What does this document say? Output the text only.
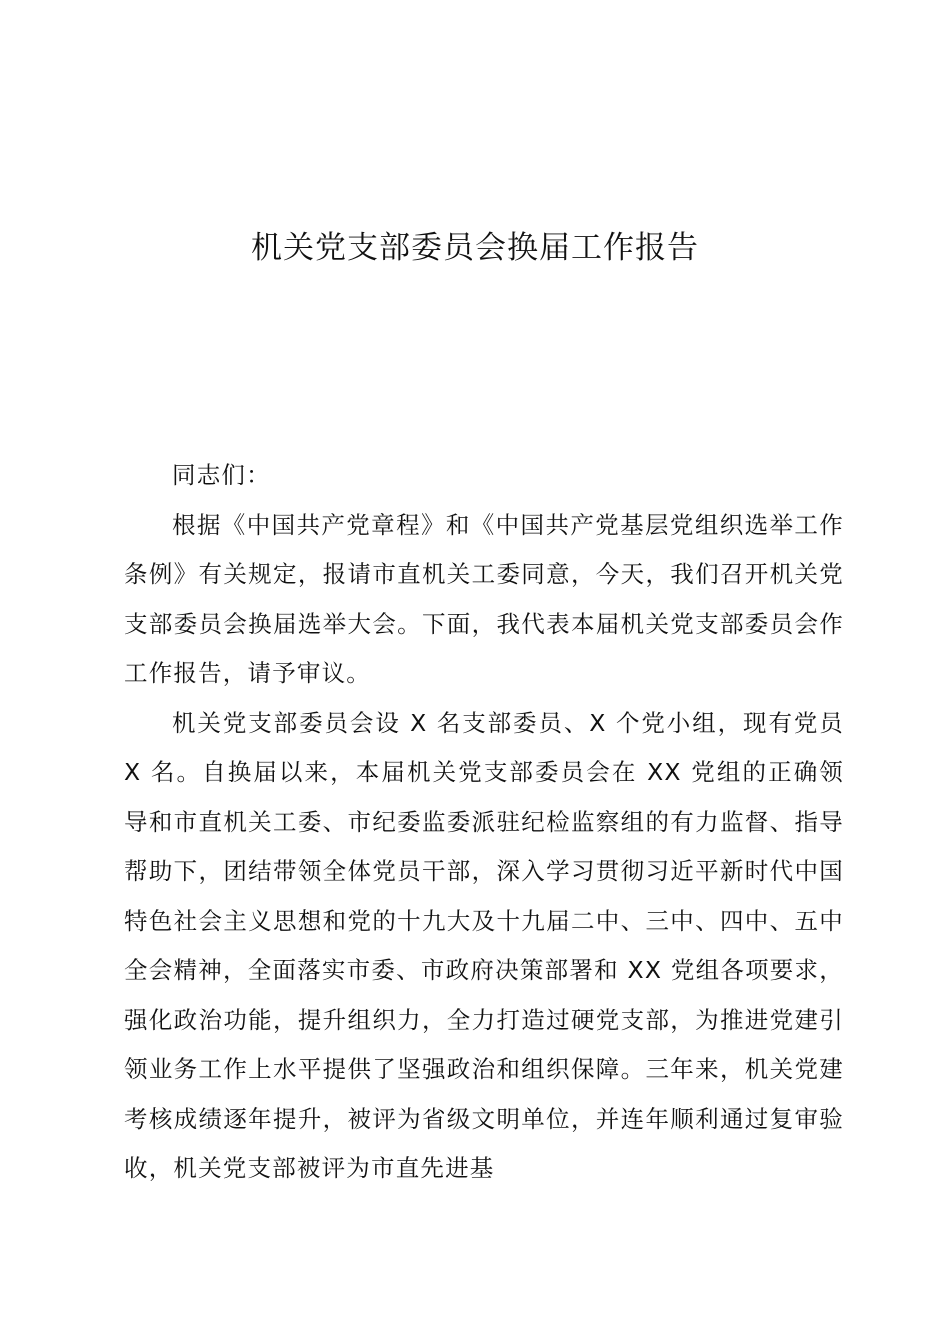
机关党支部委员会换届工作报告

同志们：

根据《中国共产党章程》和《中国共产党基层党组织选举工作条例》有关规定，报请市直机关工委同意，今天，我们召开机关党支部委员会换届选举大会。下面，我代表本届机关党支部委员会作工作报告，请予审议。

机关党支部委员会设 X 名支部委员、X 个党小组，现有党员 X 名。自换届以来，本届机关党支部委员会在 XX 党组的正确领导和市直机关工委、市纪委监委派驻纪检监察组的有力监督、指导帮助下，团结带领全体党员干部，深入学习贯彻习近平新时代中国特色社会主义思想和党的十九大及十九届二中、三中、四中、五中全会精神，全面落实市委、市政府决策部署和 XX 党组各项要求，强化政治功能，提升组织力，全力打造过硬党支部，为推进党建引领业务工作上水平提供了坚强政治和组织保障。三年来，机关党建考核成绩逐年提升，被评为省级文明单位，并连年顺利通过复审验收，机关党支部被评为市直先进基
